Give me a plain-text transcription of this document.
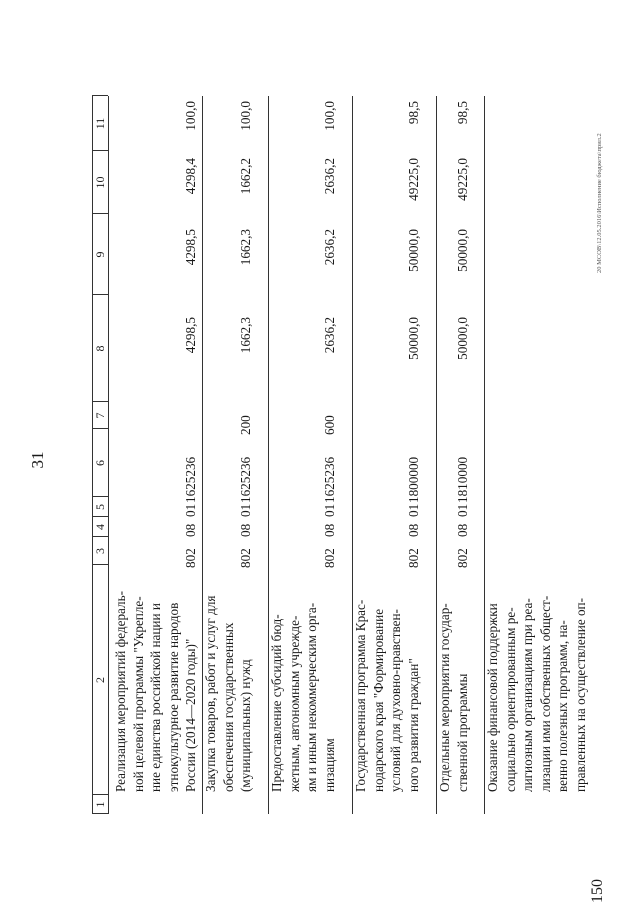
31
150
20 МСОВ\12.05.2016\Исполнение бюджета\прил.2
1
2
3
4
5
6
7
8
9
10
11
Реализация мероприятий федераль- ной целевой программы "Укрепле- ние единства российской нации и этнокультурное развитие народов России (2014—2020 годы)"
802
08
01
1625236
4298,5
4298,5
4298,4
100,0
Закупка товаров, работ и услуг для обеспечения государственных (муниципальных) нужд
802
08
01
1625236
200
1662,3
1662,3
1662,2
100,0
Предоставление субсидий бюд- жетным, автономным учрежде- ям и иным некоммерческим орга- низациям
802
08
01
1625236
600
2636,2
2636,2
2636,2
100,0
Государственная программа Крас- нодарского края "Формирование условий для духовно-нравствен- ного развития граждан"
802
08
01
1800000
50000,0
50000,0
49225,0
98,5
Отдельные мероприятия государ- ственной программы
802
08
01
1810000
50000,0
50000,0
49225,0
98,5
Оказание финансовой поддержки социально ориентированным ре- лигиозным организациям при реа- лизации ими собственных общест- венно полезных программ, на- правленных на осуществление оп-
